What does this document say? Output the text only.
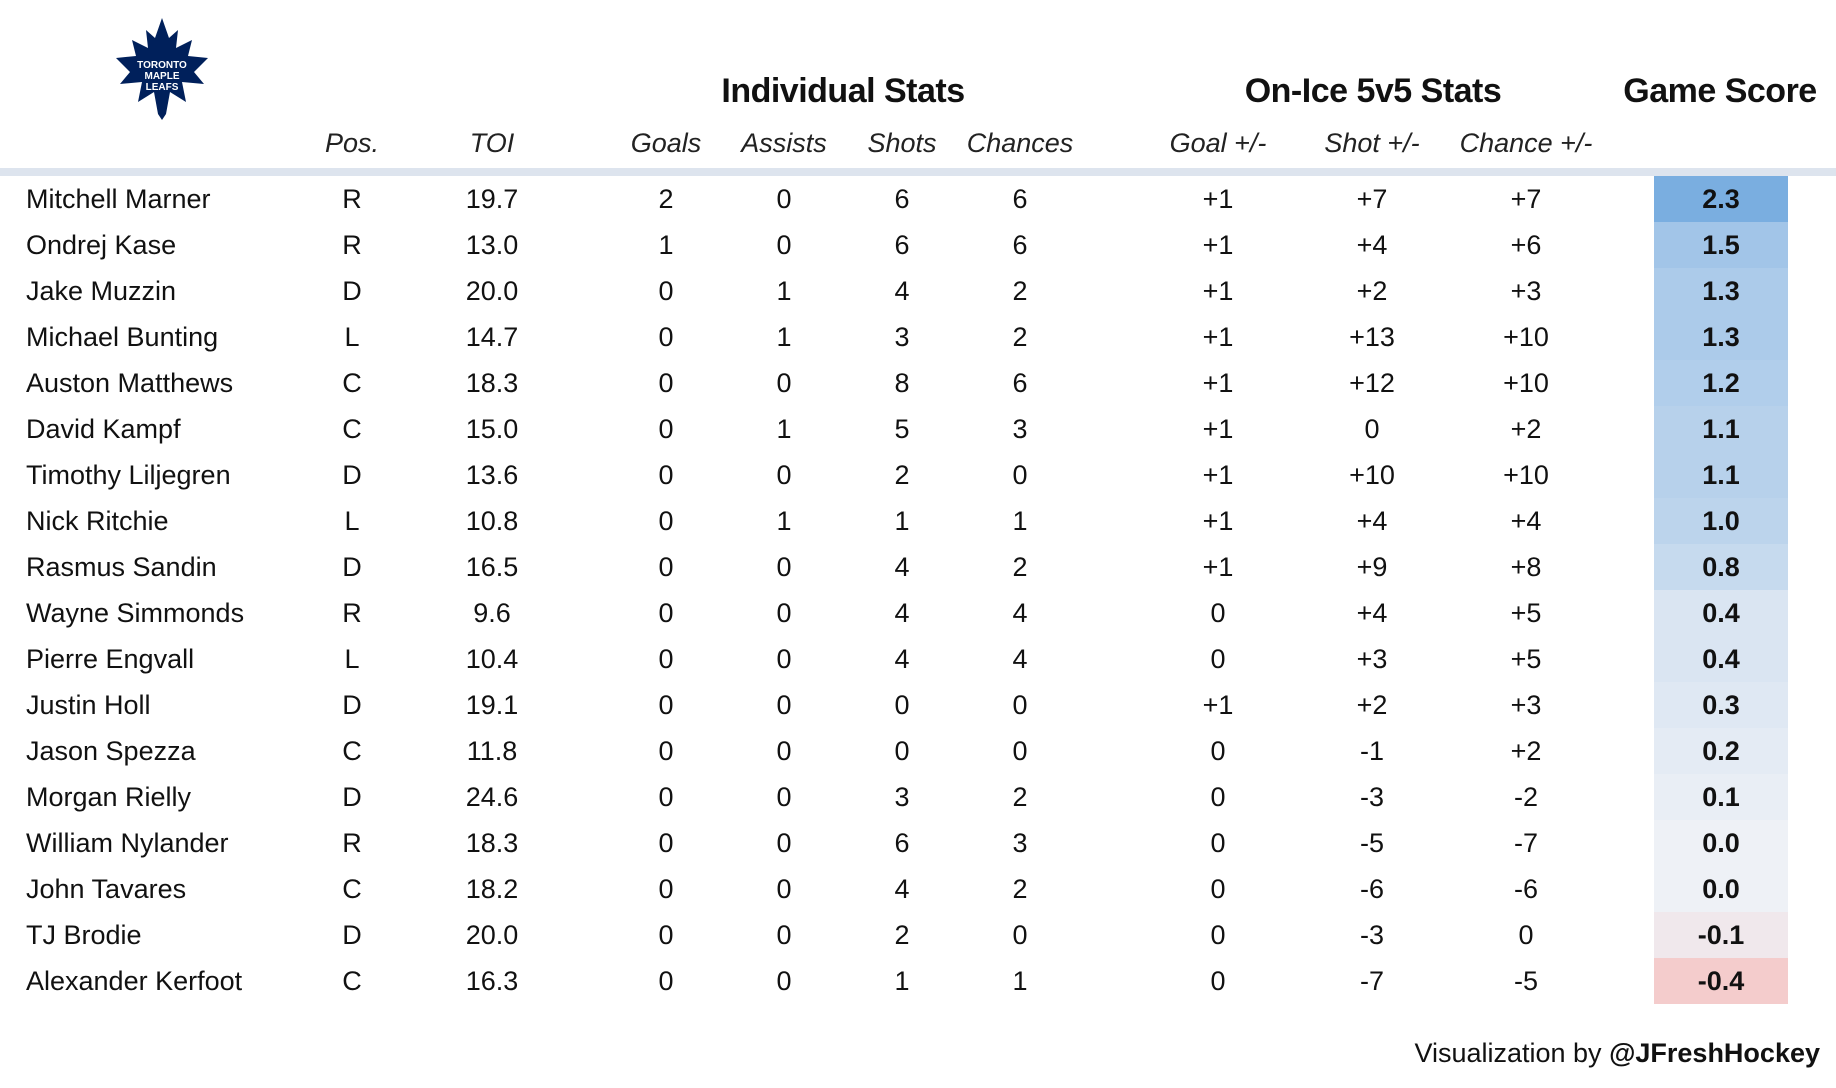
TORONTO
MAPLE
LEAFS	Individual Stats	On-Ice 5v5 Stats	Game Score
Pos.	TOI	Goals Assists Shots Chances	Goal +/- Shot +/- Chance +/-
Mitchell Marner	R	19.7	2	0	6	6	+1	+7	+7	2.3
Ondrej Kase	R	13.0	1	0	6	6	+1	+4	+6	1.5
Jake Muzzin	D	20.0	0	1	4	2	+1	+2	+3	1.3
Michael Bunting	L	14.7	0	1	3	2	+1	+13	+10	1.3
Auston Matthews	C	18.3	0	0	8	6	+1	+12	+10	1.2
David Kampf	C	15.0	0	1	5	3	+1	0	+2	1.1
Timothy Liljegren	D	13.6	0	0	2	0	+1	+10	+10	1.1
Nick Ritchie	L	10.8	0	1	1	1	+1	+4	+4	1.0
Rasmus Sandin	D	16.5	0	0	4	2	+1	+9	+8	0.8
Wayne Simmonds	R	9.6	0	0	4	4	0	+4	+5	0.4
Pierre Engvall	L	10.4	0	0	4	4	0	+3	+5	0.4
Justin Holl	D	19.1	0	0	0	0	+1	+2	+3	0.3
Jason Spezza	C	11.8	0	0	0	0	0	-1	+2	0.2
Morgan Rielly	D	24.6	0	0	3	2	0	-3	-2	0.1
William Nylander	R	18.3	0	0	6	3	0	-5	-7	0.0
John Tavares	C	18.2	0	0	4	2	0	-6	-6	0.0
TJ Brodie	D	20.0	0	0	2	0	0	-3	0	-0.1
Alexander Kerfoot	C	16.3	0	0	1	1	0	-7	-5	-0.4
Visualization by @JFreshHockey
